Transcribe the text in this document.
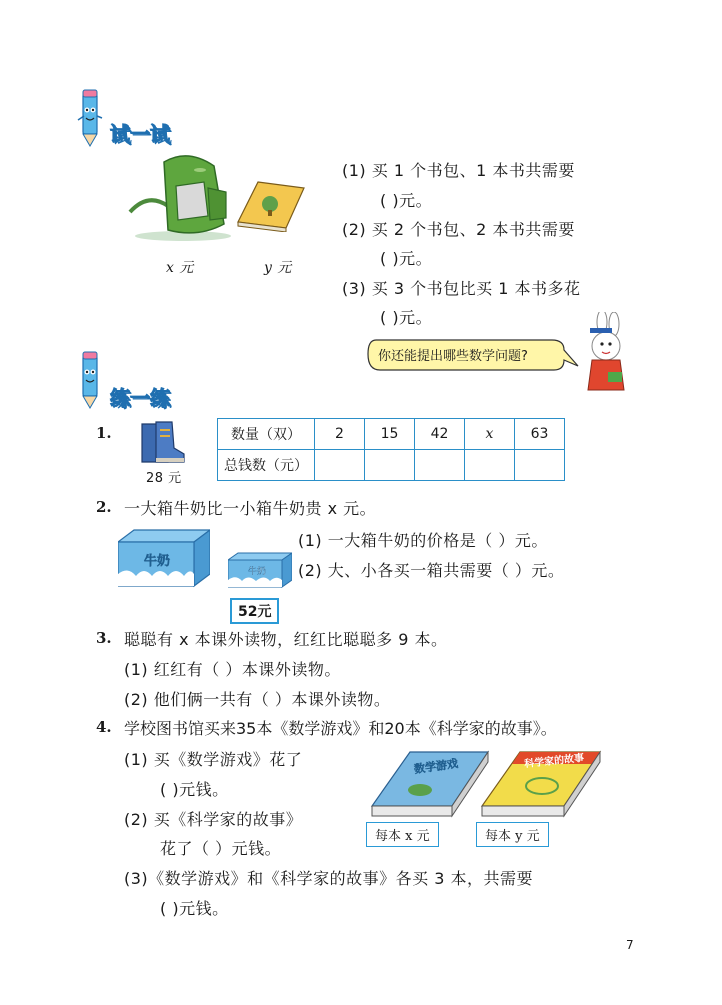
试一试
x 元	y 元
(1) 买 1 个书包、1 本书共需要
( )元。
(2) 买 2 个书包、2 本书共需要
( )元。
(3) 买 3 个书包比买 1 本书多花
( )元。
你还能提出哪些数学问题?
练一练
1.
28 元
数量（双）	2	15	42	x	63
总钱数（元）					
2. 一大箱牛奶比一小箱牛奶贵 x 元。
牛奶
牛奶
52元
(1) 一大箱牛奶的价格是（ ）元。
(2) 大、小各买一箱共需要（ ）元。
3. 聪聪有 x 本课外读物，红红比聪聪多 9 本。
(1) 红红有（ ）本课外读物。
(2) 他们俩一共有（ ）本课外读物。
4. 学校图书馆买来35本《数学游戏》和20本《科学家的故事》。
(1) 买《数学游戏》花了
( )元钱。
(2) 买《科学家的故事》
花了（ ）元钱。
(3)《数学游戏》和《科学家的故事》各买 3 本，共需要
( )元钱。
数学游戏	科学家的故事
每本 x 元	每本 y 元
7
